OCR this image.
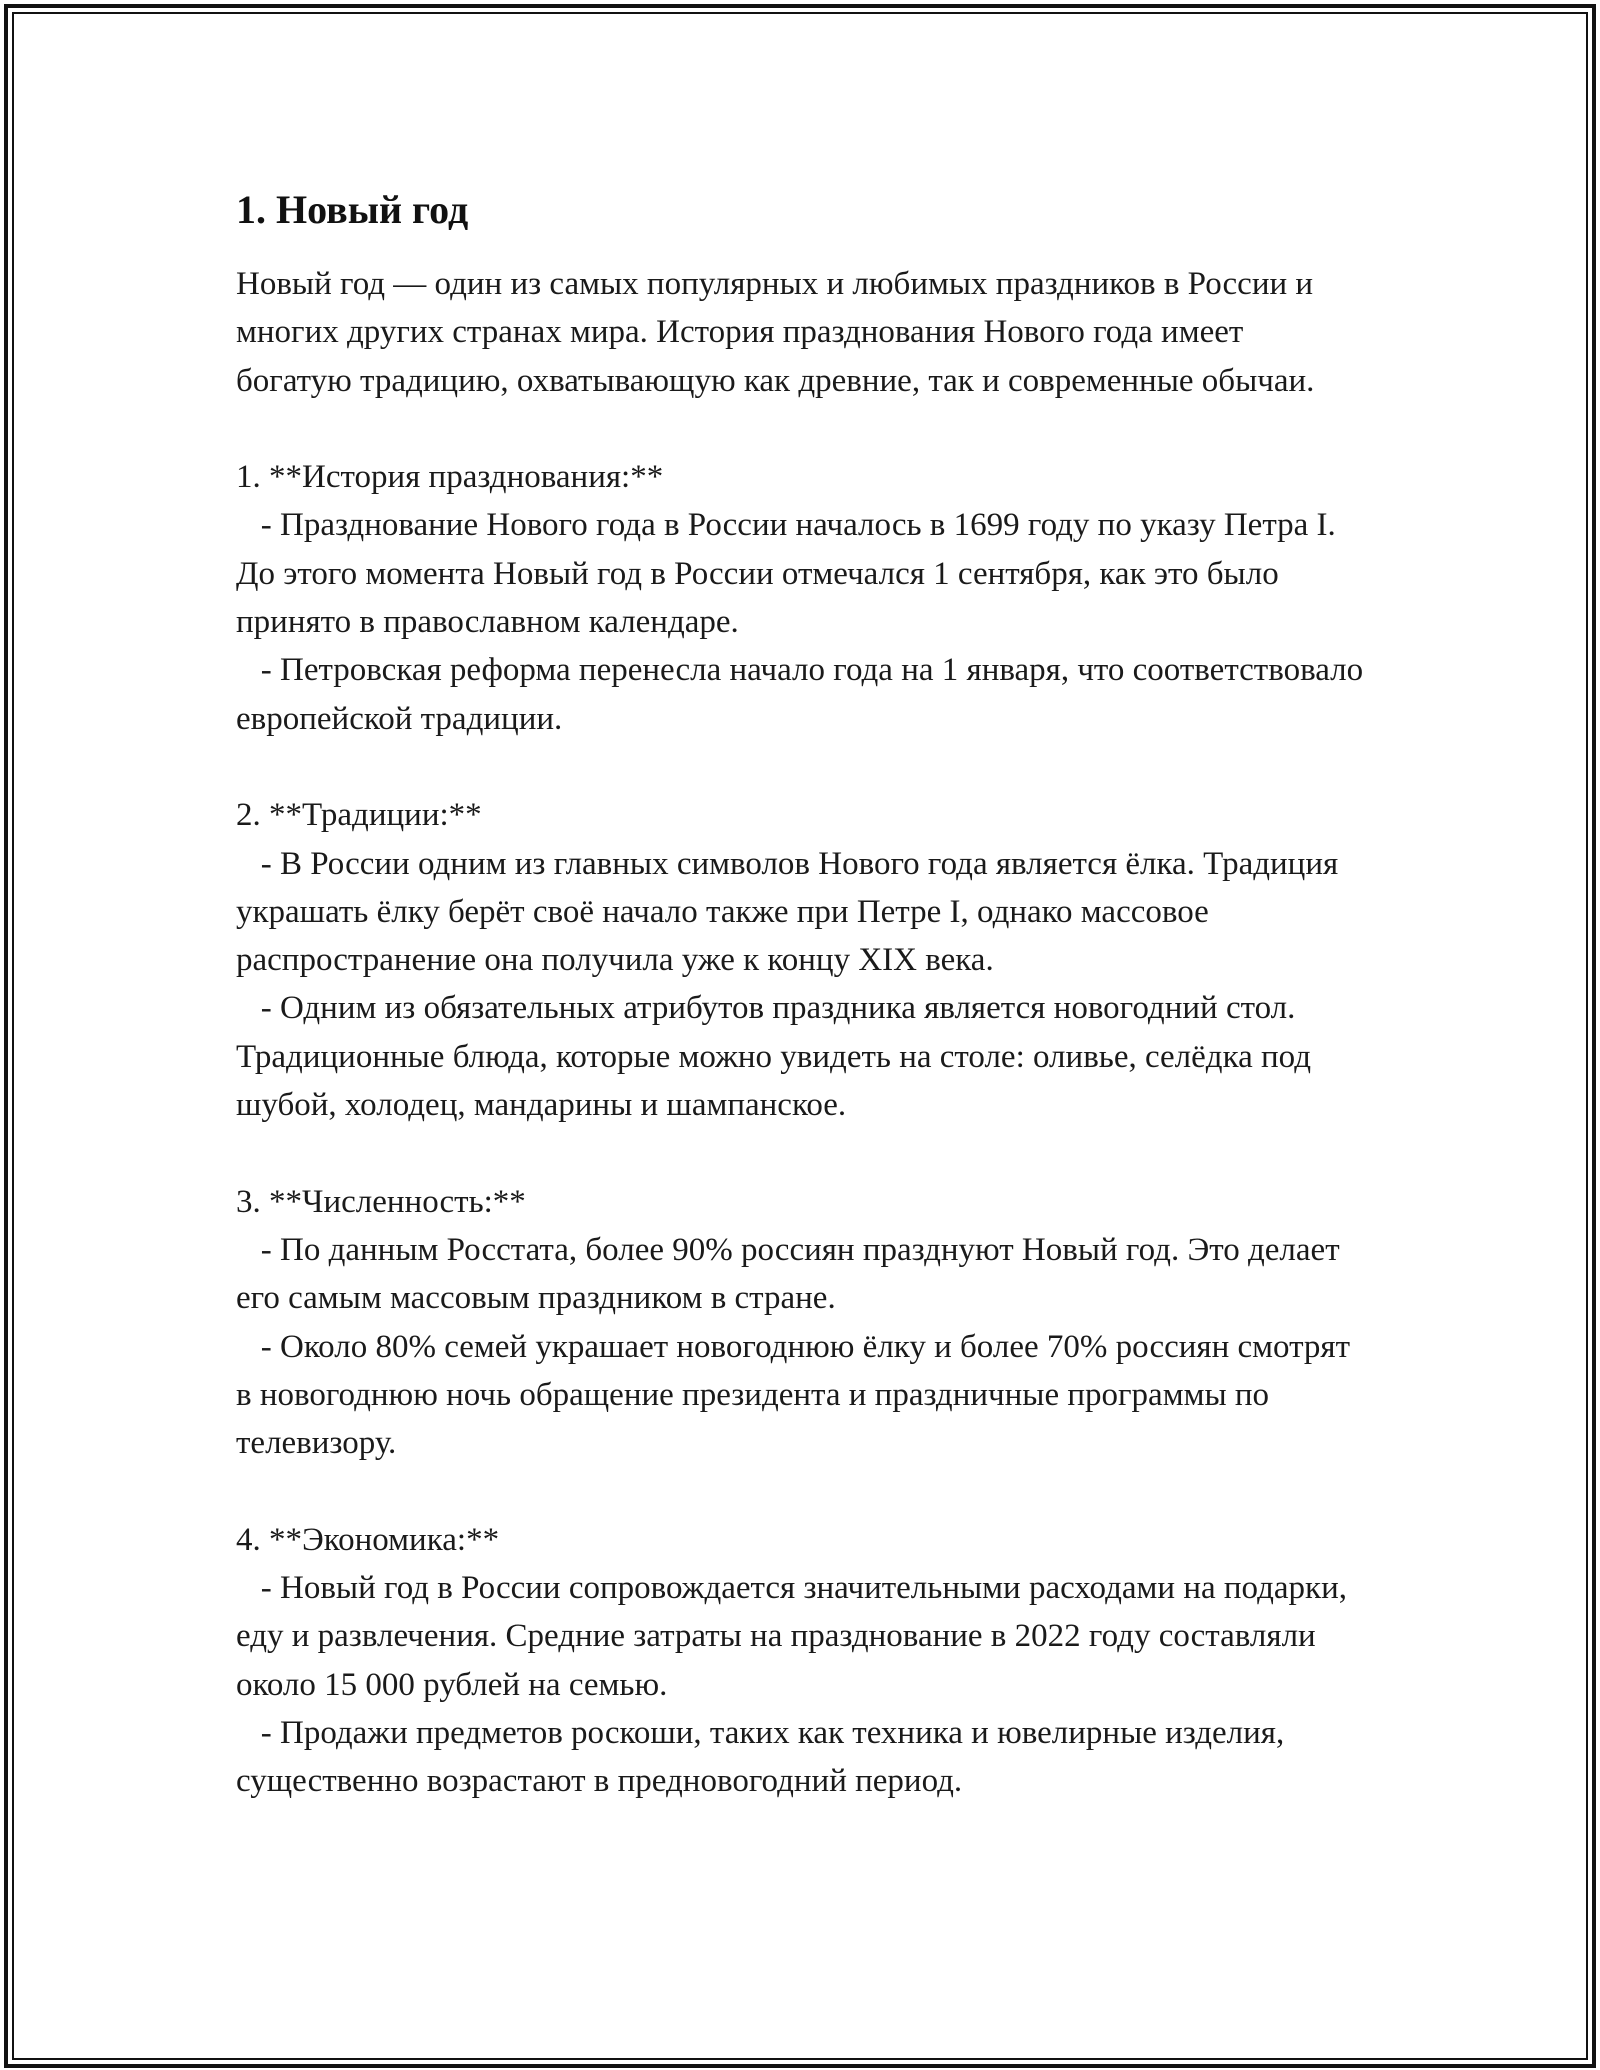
1. Новый год

Новый год — один из самых популярных и любимых праздников в России и многих других странах мира. История празднования Нового года имеет богатую традицию, охватывающую как древние, так и современные обычаи.

1. **История празднования:**

- Празднование Нового года в России началось в 1699 году по указу Петра I. До этого момента Новый год в России отмечался 1 сентября, как это было принято в православном календаре.

- Петровская реформа перенесла начало года на 1 января, что соответствовало европейской традиции.

2. **Традиции:**

- В России одним из главных символов Нового года является ёлка. Традиция украшать ёлку берёт своё начало также при Петре I, однако массовое распространение она получила уже к концу XIX века.

- Одним из обязательных атрибутов праздника является новогодний стол. Традиционные блюда, которые можно увидеть на столе: оливье, селёдка под шубой, холодец, мандарины и шампанское.

3. **Численность:**

- По данным Росстата, более 90% россиян празднуют Новый год. Это делает его самым массовым праздником в стране.

- Около 80% семей украшает новогоднюю ёлку и более 70% россиян смотрят в новогоднюю ночь обращение президента и праздничные программы по телевизору.

4. **Экономика:**

- Новый год в России сопровождается значительными расходами на подарки, еду и развлечения. Средние затраты на празднование в 2022 году составляли около 15 000 рублей на семью.

- Продажи предметов роскоши, таких как техника и ювелирные изделия, существенно возрастают в предновогодний период.
